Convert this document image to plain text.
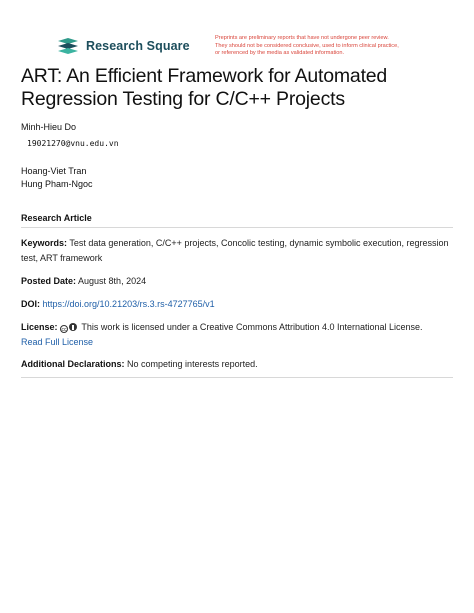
Research Square
Preprints are preliminary reports that have not undergone peer review.
They should not be considered conclusive, used to inform clinical practice,
or referenced by the media as validated information.
ART: An Efficient Framework for Automated
Regression Testing for C/C++ Projects
Minh-Hieu Do
19021270@vnu.edu.vn
Hoang-Viet Tran
Hung Pham-Ngoc
Research Article
Keywords: Test data generation, C/C++ projects, Concolic testing, dynamic symbolic execution, regression test, ART framework
Posted Date: August 8th, 2024
DOI: https://doi.org/10.21203/rs.3.rs-4727765/v1
License: cc This work is licensed under a Creative Commons Attribution 4.0 International License.
Read Full License
Additional Declarations: No competing interests reported.
